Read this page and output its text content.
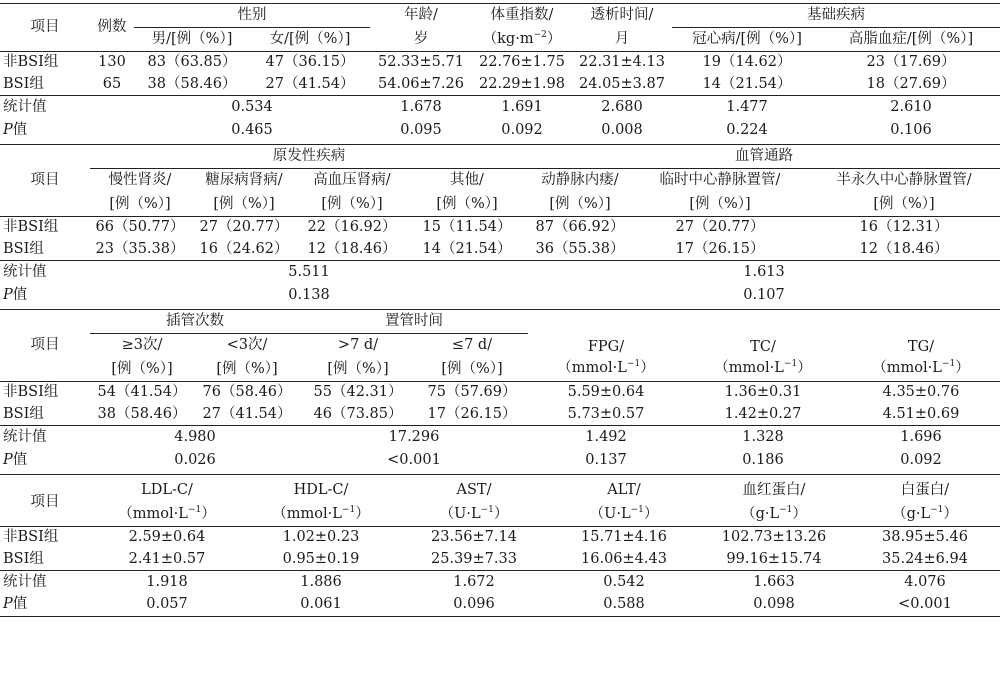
项目	例数	性别		年龄/	体重指数/	透析时间/	基础疾病	
		男/[例（%）]	女/[例（%）]	岁	$(kg\cdot m^{-2})$	月	冠心病/[例（%）]	高脂血症/[例（%）]
非BSI组	130	83（63.85）	47（36.15）	52.33±5.71	22.76±1.75	22.31±4.13	19（14.62）	23（17.69）
BSI组	65	38（58.46）	27（41.54）	54.06±7.26	22.29±1.98	24.05±3.87	14（21.54）	18（27.69）
统计值		0.534		1.678	1.691	2.680	1.477	2.610
P值		0.465		0.095	0.092	0.008	0.224	0.106
项目	原发性疾病				血管通路		
	慢性肾炎/	糖尿病肾病/	高血压肾病/	其他/	动静脉内瘘/	临时中心静脉置管/	半永久中心静脉置管/
	[例（%）]	[例（%）]	[例（%）]	[例（%）]	[例（%）]	[例（%）]	[例（%）]
非BSI组	66（50.77）	27（20.77）	22（16.92）	15（11.54）	87（66.92）	27（20.77）	16（12.31）
BSI组	23（35.38）	16（24.62）	12（18.46）	14（21.54）	36（55.38）	17（26.15）	12（18.46）
统计值	5.511				1.613		
P值	0.138				0.107		
项目	插管次数		置管时间		FPG/	TC/	TG/
	≥3次/	<3次/	>7 d/	≤7 d/			
	[例（%）]	[例（%）]	[例（%）]	[例（%）]	$(mmol\cdot L^{-1})$	$(mmol\cdot L^{-1})$	$(mmol\cdot L^{-1})$
非BSI组	54（41.54）	76（58.46）	55（42.31）	75（57.69）	5.59±0.64	1.36±0.31	4.35±0.76
BSI组	38（58.46）	27（41.54）	46（73.85）	17（26.15）	5.73±0.57	1.42±0.27	4.51±0.69
统计值	4.980		17.296		1.492	1.328	1.696
P值	0.026		<0.001		0.137	0.186	0.092
项目	LDL-C/	HDL-C/	AST/	ALT/	血红蛋白/	白蛋白/
	$(mmol\cdot L^{-1})$	$(mmol\cdot L^{-1})$	$(U\cdot L^{-1})$	$(U\cdot L^{-1})$	$(g\cdot L^{-1})$	$(g\cdot L^{-1})$
非BSI组	2.59±0.64	1.02±0.23	23.56±7.14	15.71±4.16	102.73±13.26	38.95±5.46
BSI组	2.41±0.57	0.95±0.19	25.39±7.33	16.06±4.43	99.16±15.74	35.24±6.94
统计值	1.918	1.886	1.672	0.542	1.663	4.076
P值	0.057	0.061	0.096	0.588	0.098	<0.001
